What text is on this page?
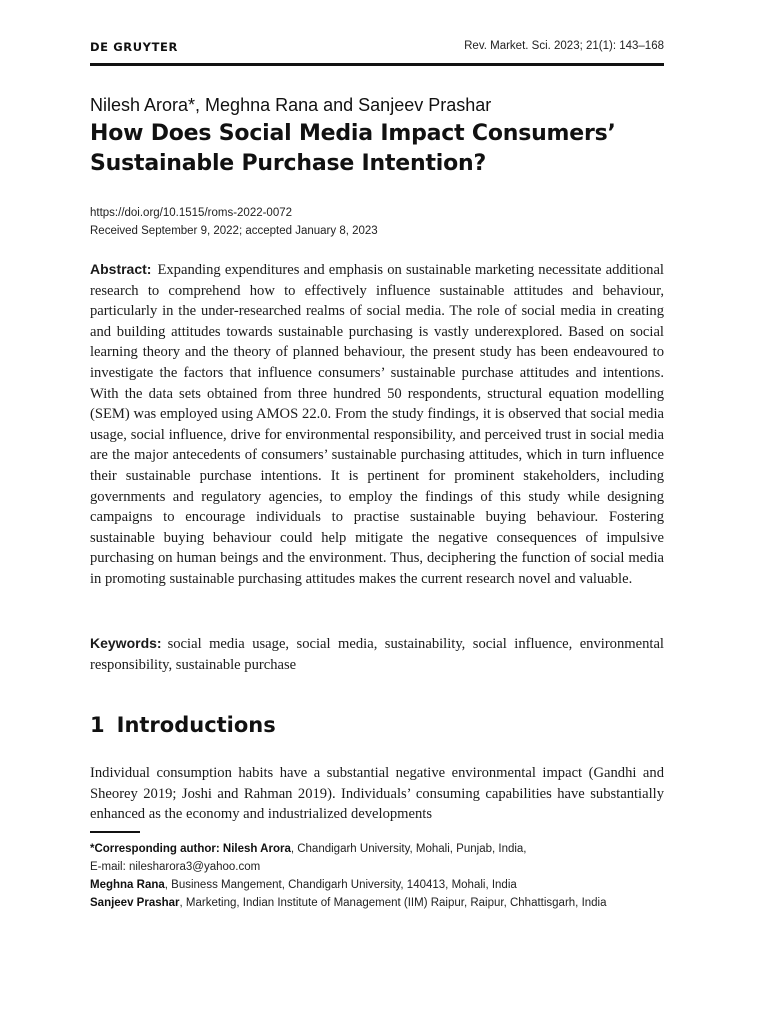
DE GRUYTER	Rev. Market. Sci. 2023; 21(1): 143–168
Nilesh Arora*, Meghna Rana and Sanjeev Prashar
How Does Social Media Impact Consumers’ Sustainable Purchase Intention?
https://doi.org/10.1515/roms-2022-0072
Received September 9, 2022; accepted January 8, 2023
Abstract: Expanding expenditures and emphasis on sustainable marketing necessitate additional research to comprehend how to effectively influence sustainable attitudes and behaviour, particularly in the under-researched realms of social media. The role of social media in creating and building attitudes towards sustainable purchasing is vastly underexplored. Based on social learning theory and the theory of planned behaviour, the present study has been endeavoured to investigate the factors that influence consumers’ sustainable purchase attitudes and intentions. With the data sets obtained from three hundred 50 respondents, structural equation modelling (SEM) was employed using AMOS 22.0. From the study findings, it is observed that social media usage, social influence, drive for environmental responsibility, and perceived trust in social media are the major antecedents of consumers’ sustainable purchasing attitudes, which in turn influence their sustainable purchase intentions. It is pertinent for prominent stakeholders, including governments and regulatory agencies, to employ the findings of this study while designing campaigns to encourage individuals to practise sustainable buying behaviour. Fostering sustainable buying behaviour could help mitigate the negative consequences of impulsive purchasing on human beings and the environment. Thus, deciphering the function of social media in promoting sustainable purchasing attitudes makes the current research novel and valuable.
Keywords: social media usage, social media, sustainability, social influence, environmental responsibility, sustainable purchase
1 Introductions
Individual consumption habits have a substantial negative environmental impact (Gandhi and Sheorey 2019; Joshi and Rahman 2019). Individuals’ consuming capabilities have substantially enhanced as the economy and industrialized developments
*Corresponding author: Nilesh Arora, Chandigarh University, Mohali, Punjab, India,
E-mail: nilesharora3@yahoo.com
Meghna Rana, Business Mangement, Chandigarh University, 140413, Mohali, India
Sanjeev Prashar, Marketing, Indian Institute of Management (IIM) Raipur, Raipur, Chhattisgarh, India
